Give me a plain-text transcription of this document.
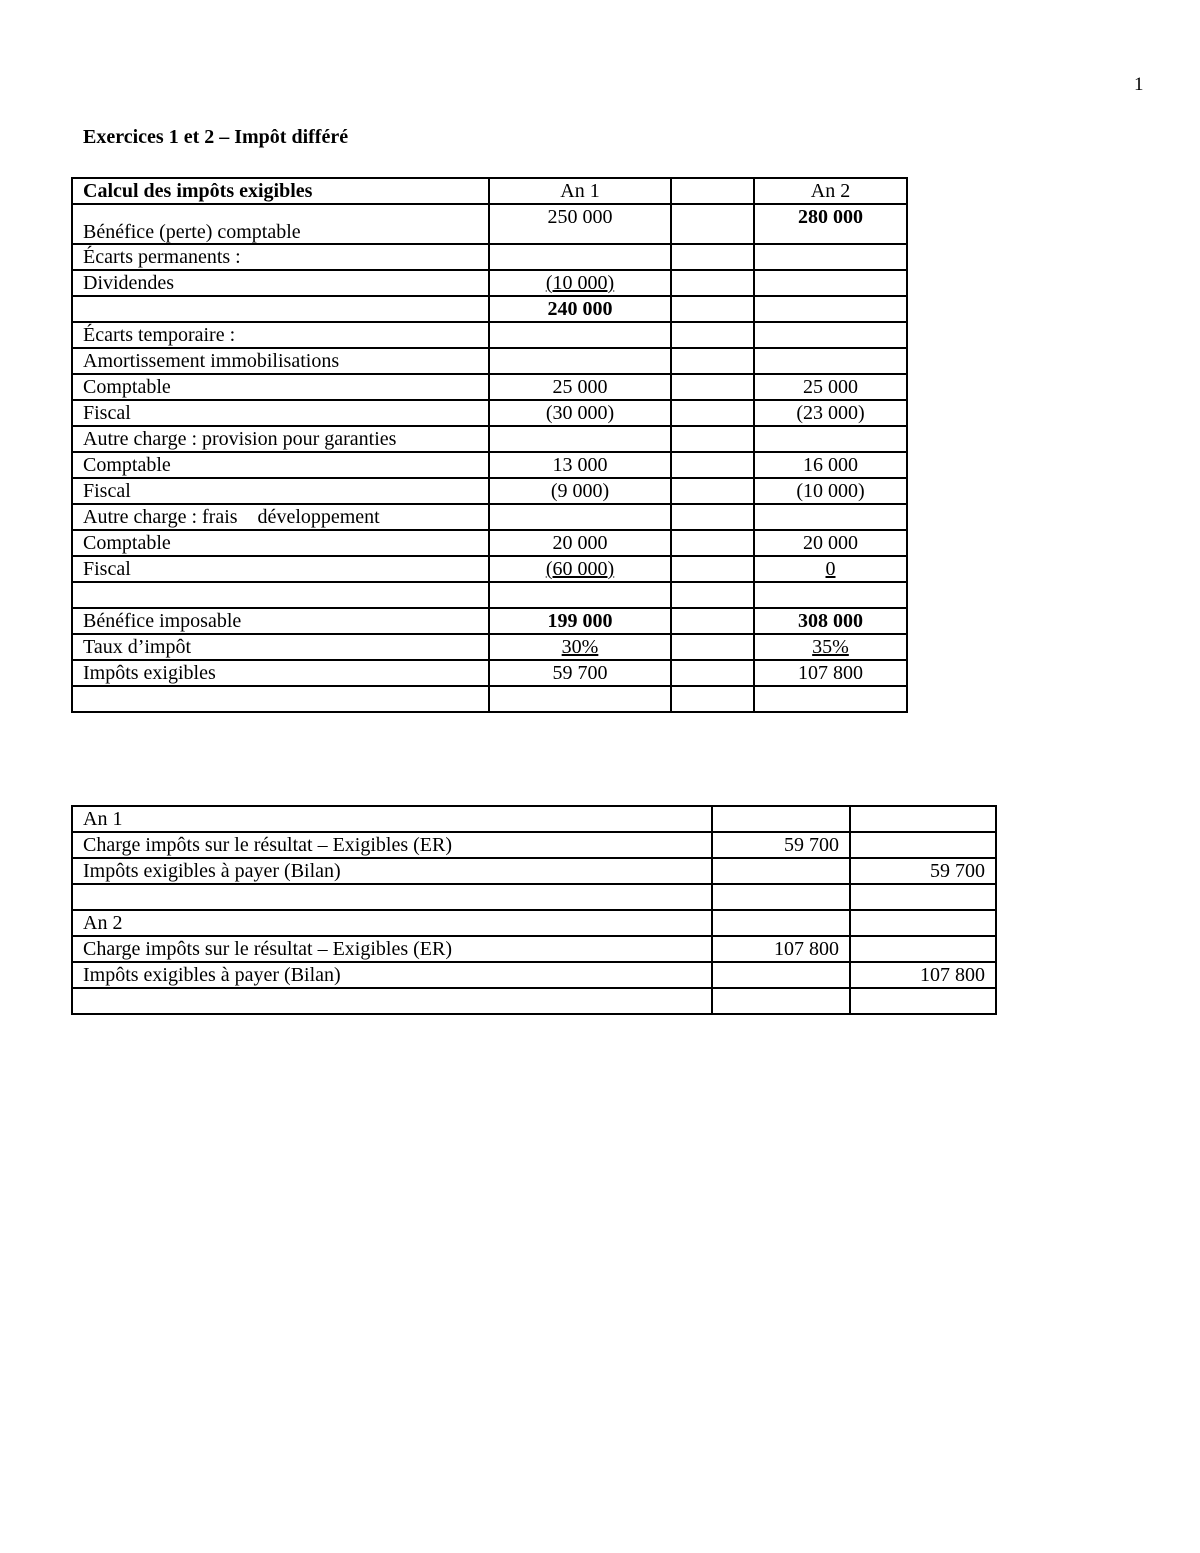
1
Exercices 1 et 2 – Impôt différé
Calcul des impôts exigibles	An 1		An 2
Bénéfice (perte) comptable	250 000		280 000
Écarts permanents :			
Dividendes	(10 000)		
	240 000		
Écarts temporaire :			
Amortissement immobilisations			
Comptable	25 000		25 000
Fiscal	(30 000)		(23 000)
Autre charge : provision pour garanties			
Comptable	13 000		16 000
Fiscal	(9 000)		(10 000)
Autre charge : frais    développement			
Comptable	20 000		20 000
Fiscal	(60 000)		0

Bénéfice imposable	199 000		308 000
Taux d’impôt	30%		35%
Impôts exigibles	59 700		107 800

An 1		
Charge impôts sur le résultat – Exigibles (ER)	59 700	
Impôts exigibles à payer (Bilan)		59 700

An 2		
Charge impôts sur le résultat – Exigibles (ER)	107 800	
Impôts exigibles à payer (Bilan)		107 800
